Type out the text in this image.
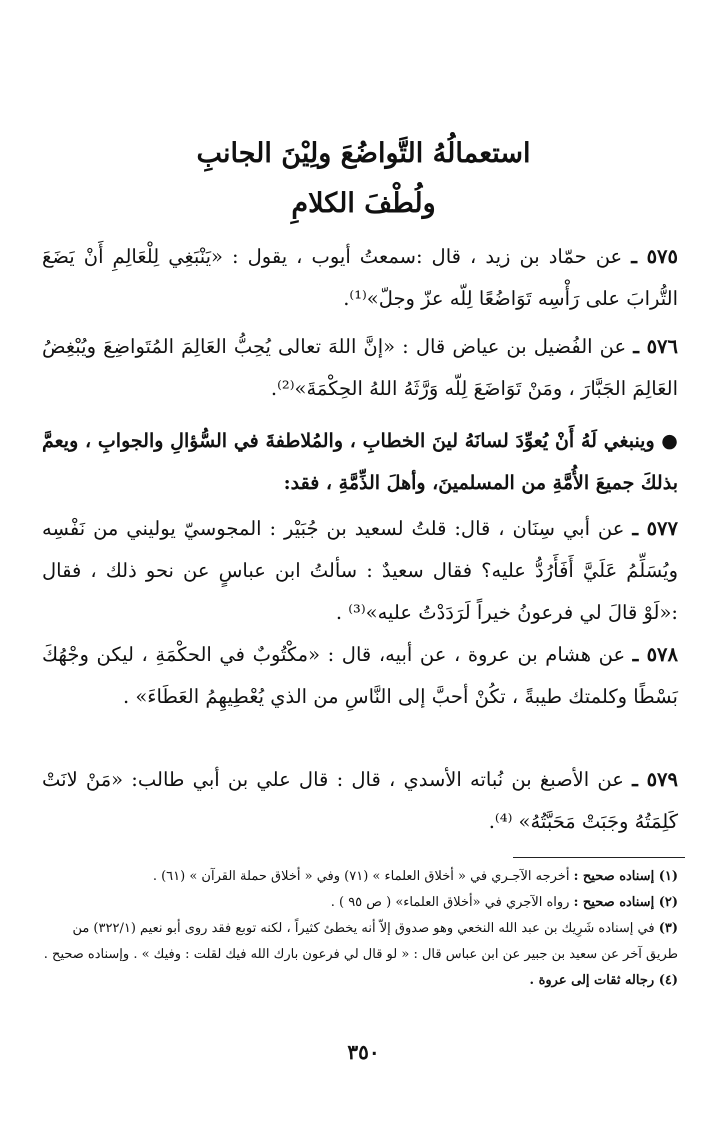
استعمالُهُ التَّواضُعَ ولِيْنَ الجانبِ
ولُطْفَ الكلامِ
٥٧٥ ـ عن حمّاد بن زيد ، قال :سمعتُ أيوب ، يقول : «يَنْبَغِي لِلْعَالِمِ أَنْ يَضَعَ التُّرابَ على رَأْسِه تَوَاضُعًا لِلّه عزّ وجلّ»⁽¹⁾.
٥٧٦ ـ عن الفُضيل بن عياض قال : «إنَّ اللهَ تعالى يُحِبُّ العَالِمَ المُتَواضِعَ ويُبْغِضُ العَالِمَ الجَبَّارَ ، ومَنْ تَوَاضَعَ لِلّه وَرَّثَهُ اللهُ الحِكْمَةَ»⁽²⁾.
● وينبغي لَهُ أَنْ يُعوِّدَ لسانَهُ لينَ الخطابِ ، والمُلاطفةَ في السُّؤالِ والجوابِ ، ويعمَّ بذلكَ جميعَ الأُمَّةِ من المسلمينَ، وأهلَ الذِّمَّةِ ، فقد:
٥٧٧ ـ عن أبي سِنَان ، قال: قلتُ لسعيد بن جُبَيْر : المجوسيّ يوليني من نَفْسِه ويُسَلِّمُ عَلَيَّ أَفَأَرُدُّ عليه؟ فقال سعيدٌ : سألتُ ابن عباسٍ عن نحو ذلك ، فقال :«لَوْ قالَ لي فرعونُ خيراً لَرَدَدْتُ عليه»⁽³⁾ .
٥٧٨ ـ عن هشام بن عروة ، عن أبيه، قال : «مكْتُوبٌ في الحكْمَةِ ، ليكن وجْهُكَ بَسْطًا وكلمتك طيبةً ، تكُنْ أحبَّ إلى النَّاسِ من الذي يُعْطِيهِمُ العَطَاءَ» .
٥٧٩ ـ عن الأصبغ بن نُباته الأسدي ، قال : قال علي بن أبي طالب: «مَنْ لانَتْ كَلِمَتُهُ وجَبَتْ مَحَبَّتُهُ» ⁽⁴⁾.

(١) إسناده صحيح : أخرجه الآجـري في « أخلاق العلماء » (٧١) وفي « أخلاق حملة القرآن » (٦١) .

(٢) إسناده صحيح : رواه الآجري في «أخلاق العلماء» ( ص ٩٥ ) .

(٣) في إسناده شَرِيك بن عبد الله النخعي وهو صدوق إلاّ أنه يخطئ كثيراً ، لكنه توبع فقد روى أبو نعيم (٣٢٢/١) من طريق آخر عن سعيد بن جبير عن ابن عباس قال : « لو قال لي فرعون بارك الله فيك لقلت : وفيك » . وإسناده صحيح .

(٤) رجاله ثقات إلى عروة .

٣٥٠
